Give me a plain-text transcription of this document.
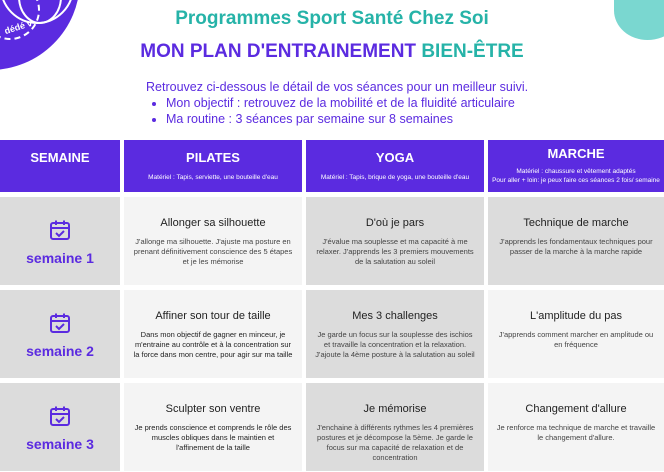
dédé v	Programmes Sport Santé Chez Soi
MON PLAN D'ENTRAINEMENT BIEN-ÊTRE
Retrouvez ci-dessous le détail de vos séances pour un meilleur suivi.
• Mon objectif : retrouvez de la mobilité et de la fluidité articulaire
• Ma routine : 3 séances par semaine sur 8 semaines
SEMAINE	PILATES
Matériel : Tapis, serviette, une bouteille d'eau
YOGA
Matériel : Tapis, brique de yoga, une bouteille d'eau
MARCHE
Matériel : chaussure et vêtement adaptés
Pour aller + loin: je peux faire ces séances 2 fois/ semaine
semaine 1
Allonger sa silhouette
J'allonge ma silhouette. J'ajuste ma posture en prenant définitivement conscience des 5 étapes et je les mémorise
D'où je pars
J'évalue ma souplesse et ma capacité à me relaxer. J'apprends les 3 premiers mouvements de la salutation au soleil
Technique de marche
J'apprends les fondamentaux techniques pour passer de la marche à la marche rapide
semaine 2
Affiner son tour de taille
Dans mon objectif de gagner en minceur, je m'entraine au contrôle et à la concentration sur la force dans mon centre, pour agir sur ma taille
Mes 3 challenges
Je garde un focus sur la souplesse des ischios et travaille la concentration et la relaxation. J'ajoute la 4ème posture à la salutation au soleil
L'amplitude du pas
J'apprends comment marcher en amplitude ou en fréquence
semaine 3
Sculpter son ventre
Je prends conscience et comprends le rôle des muscles obliques dans le maintien et l'affinement de la taille
Je mémorise
J'enchaine à différents rythmes les 4 premières postures et je décompose la 5ème. Je garde le focus sur ma capacité de relaxation et de concentration
Changement d'allure
Je renforce ma technique de marche et travaille le changement d'allure.
